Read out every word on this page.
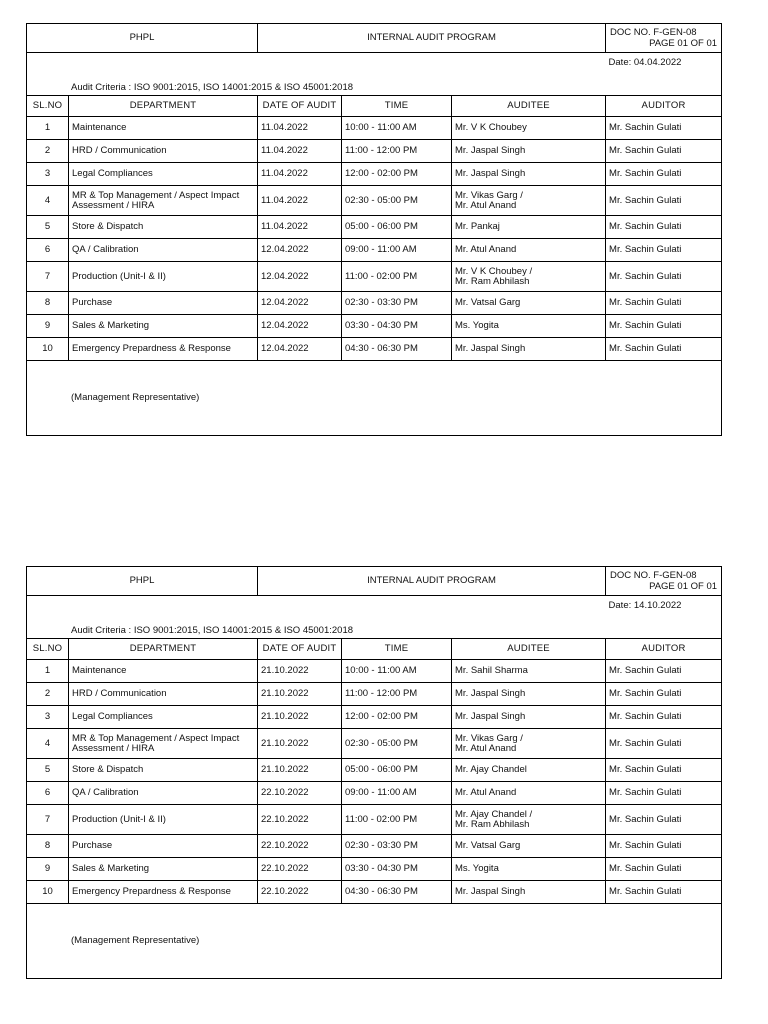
PHPL		INTERNAL AUDIT PROGRAM			DOC NO. F-GEN-08
PAGE 01 OF 01

					Date: 04.04.2022
Audit Criteria : ISO 9001:2015, ISO 14001:2015 & ISO 45001:2018					
SL.NO	DEPARTMENT	DATE OF AUDIT	TIME	AUDITEE	AUDITOR
1	Maintenance	11.04.2022	10:00 - 11:00 AM	Mr. V K Choubey	Mr. Sachin Gulati
2	HRD / Communication	11.04.2022	11:00 - 12:00 PM	Mr. Jaspal Singh	Mr. Sachin Gulati
3	Legal Compliances	11.04.2022	12:00 - 02:00 PM	Mr. Jaspal Singh	Mr. Sachin Gulati
4	MR & Top Management / Aspect Impact
Assessment / HIRA	11.04.2022	02:30 - 05:00 PM	Mr. Vikas Garg /
Mr. Atul Anand	Mr. Sachin Gulati
5	Store & Dispatch	11.04.2022	05:00 - 06:00 PM	Mr. Pankaj	Mr. Sachin Gulati
6	QA / Calibration	12.04.2022	09:00 - 11:00 AM	Mr. Atul Anand	Mr. Sachin Gulati
7	Production (Unit-I & II)	12.04.2022	11:00 - 02:00 PM	Mr. V K Choubey /
Mr. Ram Abhilash	Mr. Sachin Gulati
8	Purchase	12.04.2022	02:30 - 03:30 PM	Mr. Vatsal Garg	Mr. Sachin Gulati
9	Sales & Marketing	12.04.2022	03:30 - 04:30 PM	Ms. Yogita	Mr. Sachin Gulati
10	Emergency Prepardness & Response	12.04.2022	04:30 - 06:30 PM	Mr. Jaspal Singh	Mr. Sachin Gulati
(Management Representative)					
PHPL		INTERNAL AUDIT PROGRAM			DOC NO. F-GEN-08
PAGE 01 OF 01

					Date: 14.10.2022
Audit Criteria : ISO 9001:2015, ISO 14001:2015 & ISO 45001:2018					
SL.NO	DEPARTMENT	DATE OF AUDIT	TIME	AUDITEE	AUDITOR
1	Maintenance	21.10.2022	10:00 - 11:00 AM	Mr. Sahil Sharma	Mr. Sachin Gulati
2	HRD / Communication	21.10.2022	11:00 - 12:00 PM	Mr. Jaspal Singh	Mr. Sachin Gulati
3	Legal Compliances	21.10.2022	12:00 - 02:00 PM	Mr. Jaspal Singh	Mr. Sachin Gulati
4	MR & Top Management / Aspect Impact
Assessment / HIRA	21.10.2022	02:30 - 05:00 PM	Mr. Vikas Garg /
Mr. Atul Anand	Mr. Sachin Gulati
5	Store & Dispatch	21.10.2022	05:00 - 06:00 PM	Mr. Ajay Chandel	Mr. Sachin Gulati
6	QA / Calibration	22.10.2022	09:00 - 11:00 AM	Mr. Atul Anand	Mr. Sachin Gulati
7	Production (Unit-I & II)	22.10.2022	11:00 - 02:00 PM	Mr. Ajay Chandel /
Mr. Ram Abhilash	Mr. Sachin Gulati
8	Purchase	22.10.2022	02:30 - 03:30 PM	Mr. Vatsal Garg	Mr. Sachin Gulati
9	Sales & Marketing	22.10.2022	03:30 - 04:30 PM	Ms. Yogita	Mr. Sachin Gulati
10	Emergency Prepardness & Response	22.10.2022	04:30 - 06:30 PM	Mr. Jaspal Singh	Mr. Sachin Gulati
(Management Representative)					
